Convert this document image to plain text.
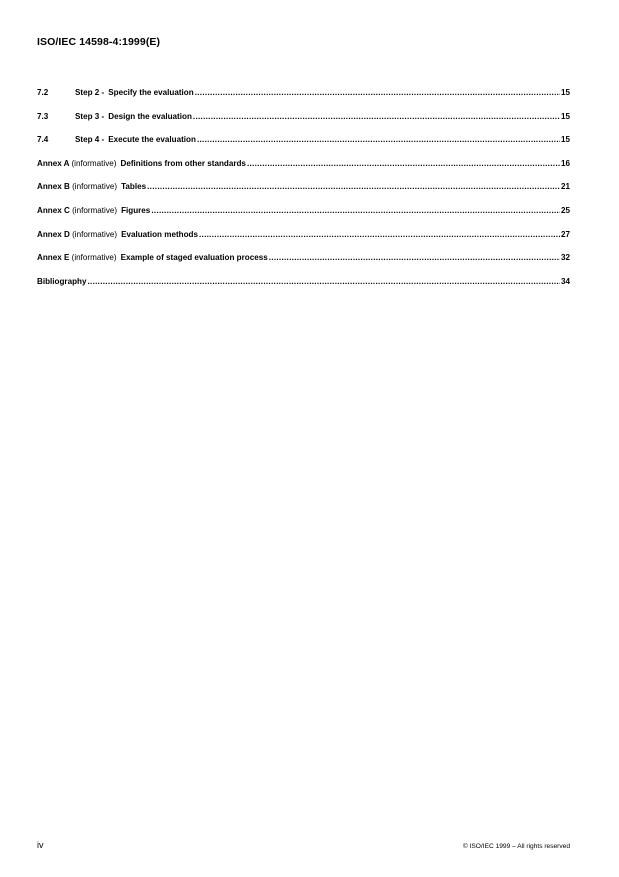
ISO/IEC 14598-4:1999(E)
7.2	Step 2 - Specify the evaluation .....	15
7.3	Step 3 - Design the evaluation .....	15
7.4	Step 4 - Execute the evaluation .....	15
Annex A (informative) Definitions from other standards .....	16
Annex B (informative) Tables .....	21
Annex C (informative) Figures .....	25
Annex D (informative) Evaluation methods .....	27
Annex E (informative) Example of staged evaluation process .....	32
Bibliography .....	34
iv	© ISO/IEC 1999 – All rights reserved
